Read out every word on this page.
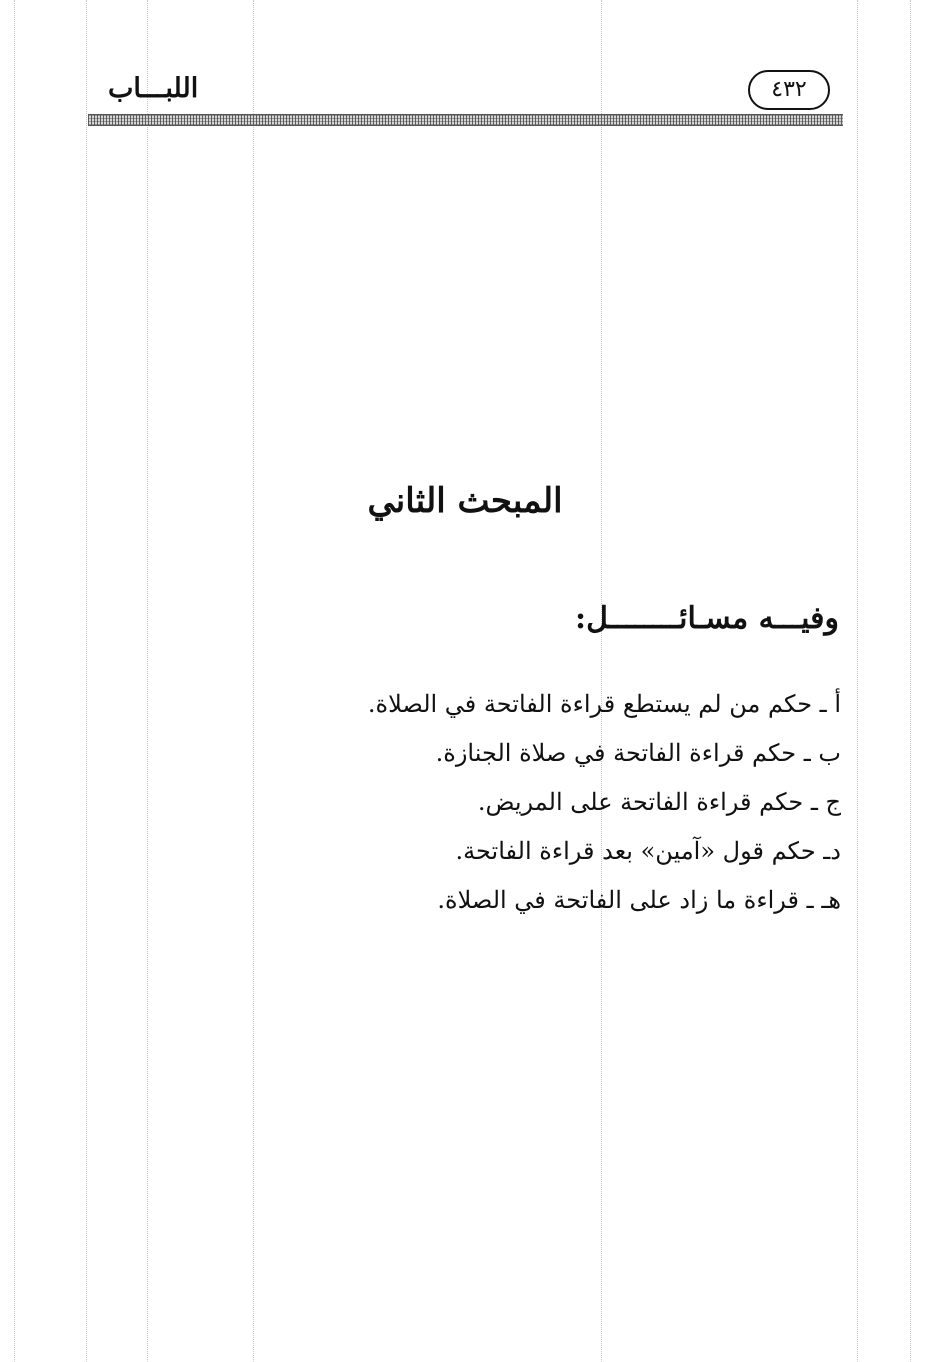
٤٣٢
اللبـــاب
المبحث الثاني
وفيـــه مسـائــــــــل:
أ ـ حكم من لم يستطع قراءة الفاتحة في الصلاة.
ب ـ حكم قراءة الفاتحة في صلاة الجنازة.
ج ـ حكم قراءة الفاتحة على المريض.
دـ حكم قول «آمين» بعد قراءة الفاتحة.
هـ ـ قراءة ما زاد على الفاتحة في الصلاة.
